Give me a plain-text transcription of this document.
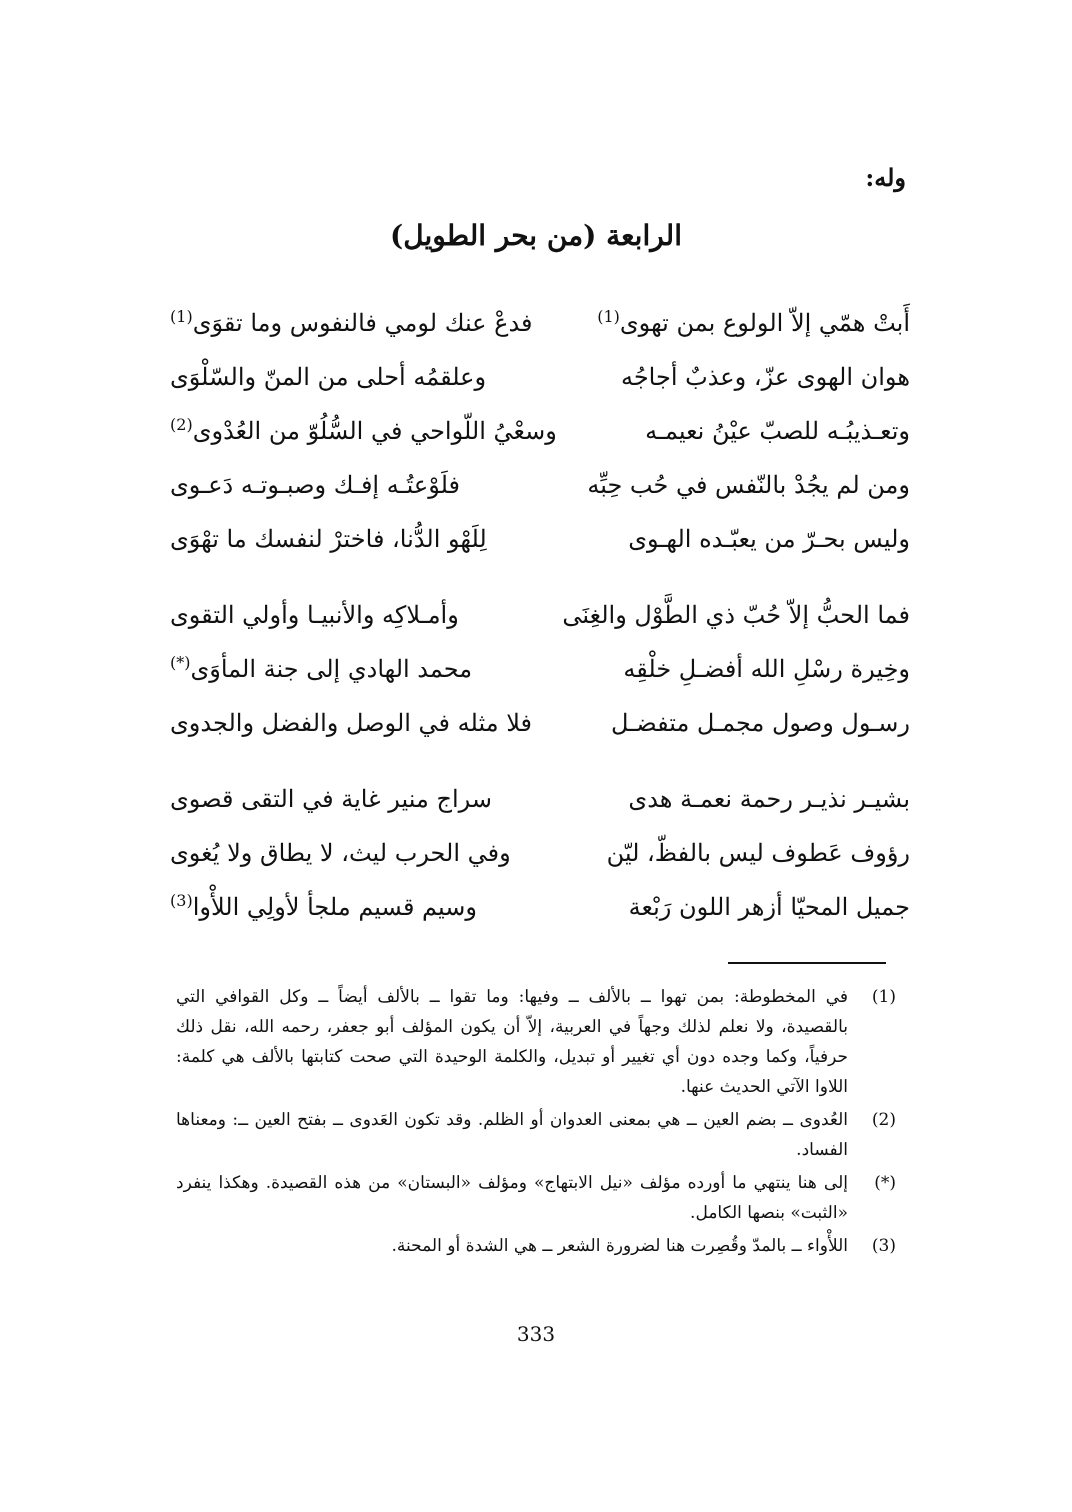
وله:
الرابعة (من بحر الطويل)
أَبتْ همّي إلاّ الولوع بمن تهوى$^{(1)}$
فدعْ عنك لومي فالنفوس وما تقوَى$^{(1)}$
هوان الهوى عزّ، وعذبٌ أجاجُه
وعلقمُه أحلى من المنّ والسّلْوَى
وتعـذيبُـه للصبّ عيْنُ نعيمـه
وسعْيُ اللّواحي في السُّلُوّ من العُدْوى$^{(2)}$
ومن لم يجُدْ بالنّفس في حُب حِبِّه
فلَوْعتُـه إفـك وصبـوتـه دَعـوى
وليس بحـرّ من يعبّـده الهـوى
لِلَهْو الدُّنا، فاخترْ لنفسك ما تهْوَى
فما الحبُّ إلاّ حُبّ ذي الطَّوْل والغِنَى
وأمـلاكِه والأنبيـا وأولي التقوى
وخِيرة رسْلِ الله أفضـلِ خلْقِه
محمد الهادي إلى جنة المأوَى(*)
رسـول وصول مجمـل متفضـل
فلا مثله في الوصل والفضل والجدوى
بشيـر نذيـر رحمة نعمـة هدى
سراج منير غاية في التقى قصوى
رؤوف عَطوف ليس بالفظّ، ليّن
وفي الحرب ليث، لا يطاق ولا يُغوى
جميل المحيّا أزهر اللون رَبْعة
وسيم قسيم ملجأ لأولِي اللأْوا$^{(3)}$
(1)
في المخطوطة: بمن تهوا ــ بالألف ــ وفيها: وما تقوا ــ بالألف أيضاً ــ وكل القوافي التي بالقصيدة، ولا نعلم لذلك وجهاً في العربية، إلاّ أن يكون المؤلف أبو جعفر، رحمه الله، نقل ذلك حرفياً، وكما وجده دون أي تغيير أو تبديل، والكلمة الوحيدة التي صحت كتابتها بالألف هي كلمة: اللاوا الآتي الحديث عنها.
(2)
العُدوى ــ بضم العين ــ هي بمعنى العدوان أو الظلم. وقد تكون العَدوى ــ بفتح العين ــ: ومعناها الفساد.
(*)
إلى هنا ينتهي ما أورده مؤلف «نيل الابتهاج» ومؤلف «البستان» من هذه القصيدة. وهكذا ينفرد «الثبت» بنصها الكامل.
(3)
اللأْواء ــ بالمدّ وقُصِرت هنا لضرورة الشعر ــ هي الشدة أو المحنة.
333
